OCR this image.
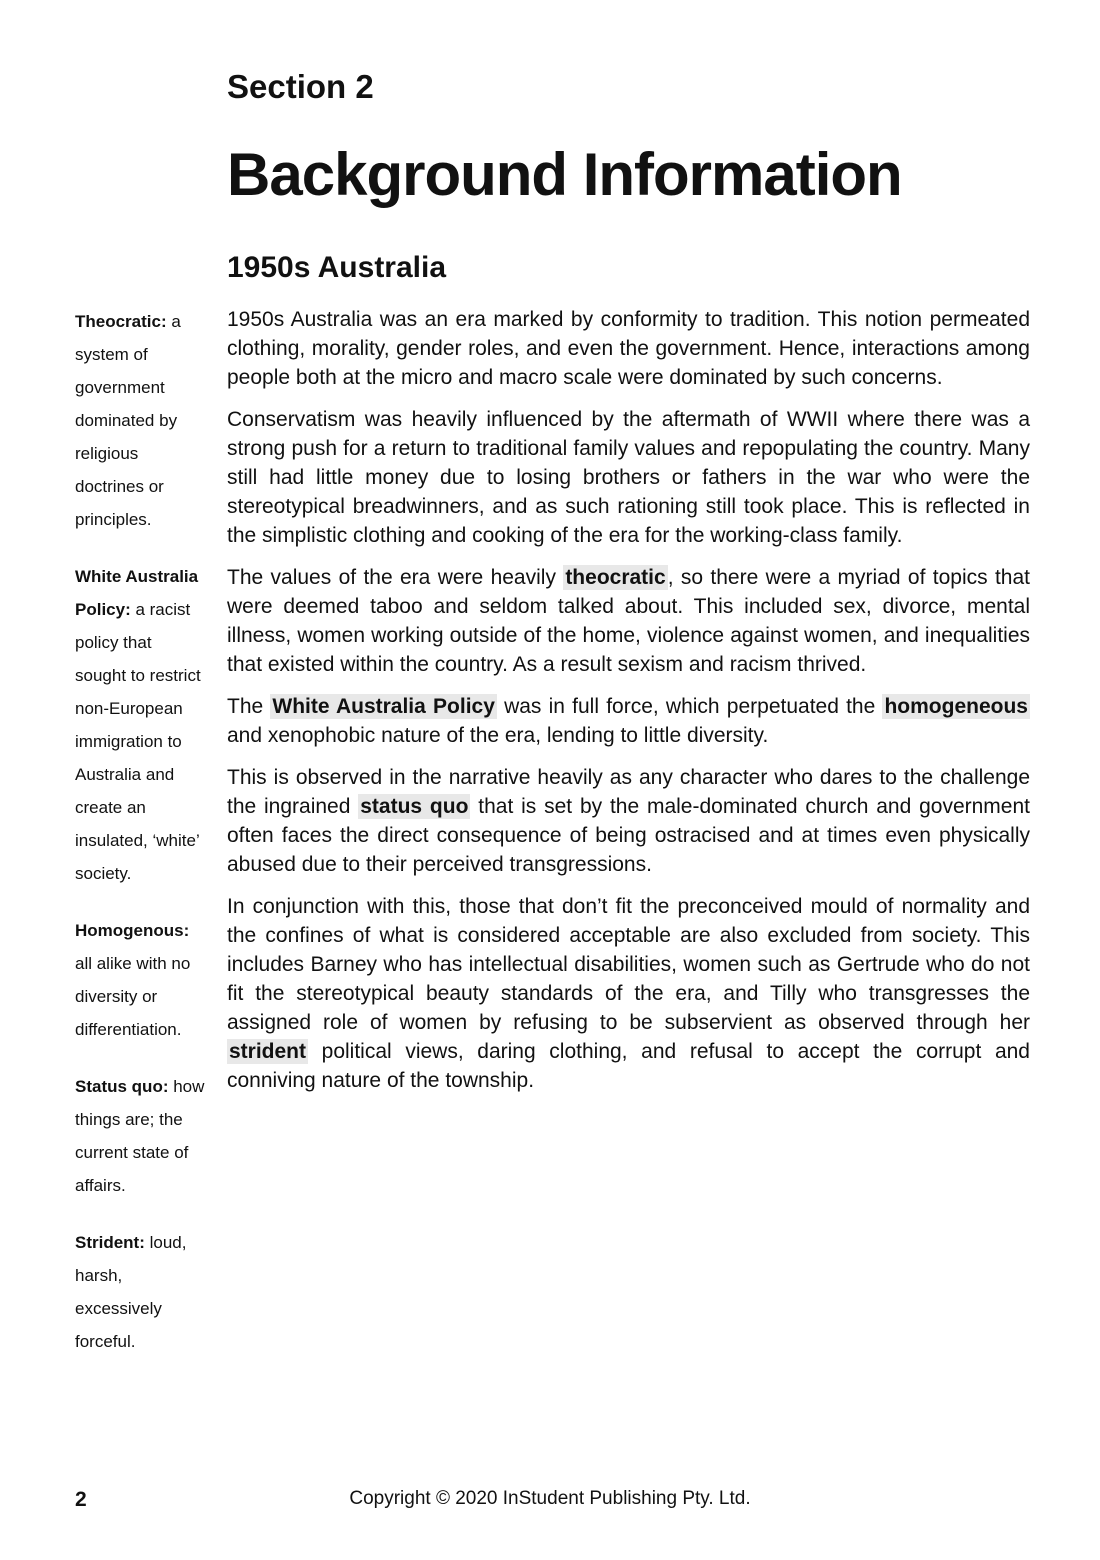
Section 2
Background Information
1950s Australia
Theocratic: a system of government dominated by religious doctrines or principles.
White Australia Policy: a racist policy that sought to restrict non-European immigration to Australia and create an insulated, ‘white’ society.
Homogenous: all alike with no diversity or differentiation.
Status quo: how things are; the current state of affairs.
Strident: loud, harsh, excessively forceful.

1950s Australia was an era marked by conformity to tradition. This notion permeated clothing, morality, gender roles, and even the government. Hence, interactions among people both at the micro and macro scale were dominated by such concerns.

Conservatism was heavily influenced by the aftermath of WWII where there was a strong push for a return to traditional family values and repopulating the country. Many still had little money due to losing brothers or fathers in the war who were the stereotypical breadwinners, and as such rationing still took place. This is reflected in the simplistic clothing and cooking of the era for the working-class family.

The values of the era were heavily theocratic, so there were a myriad of topics that were deemed taboo and seldom talked about. This included sex, divorce, mental illness, women working outside of the home, violence against women, and inequalities that existed within the country. As a result sexism and racism thrived.

The White Australia Policy was in full force, which perpetuated the homogeneous and xenophobic nature of the era, lending to little diversity.

This is observed in the narrative heavily as any character who dares to the challenge the ingrained status quo that is set by the male-dominated church and government often faces the direct consequence of being ostracised and at times even physically abused due to their perceived transgressions.

In conjunction with this, those that don’t fit the preconceived mould of normality and the confines of what is considered acceptable are also excluded from society. This includes Barney who has intellectual disabilities, women such as Gertrude who do not fit the stereotypical beauty standards of the era, and Tilly who transgresses the assigned role of women by refusing to be subservient as observed through her strident political views, daring clothing, and refusal to accept the corrupt and conniving nature of the township.

2	Copyright © 2020 InStudent Publishing Pty. Ltd.
